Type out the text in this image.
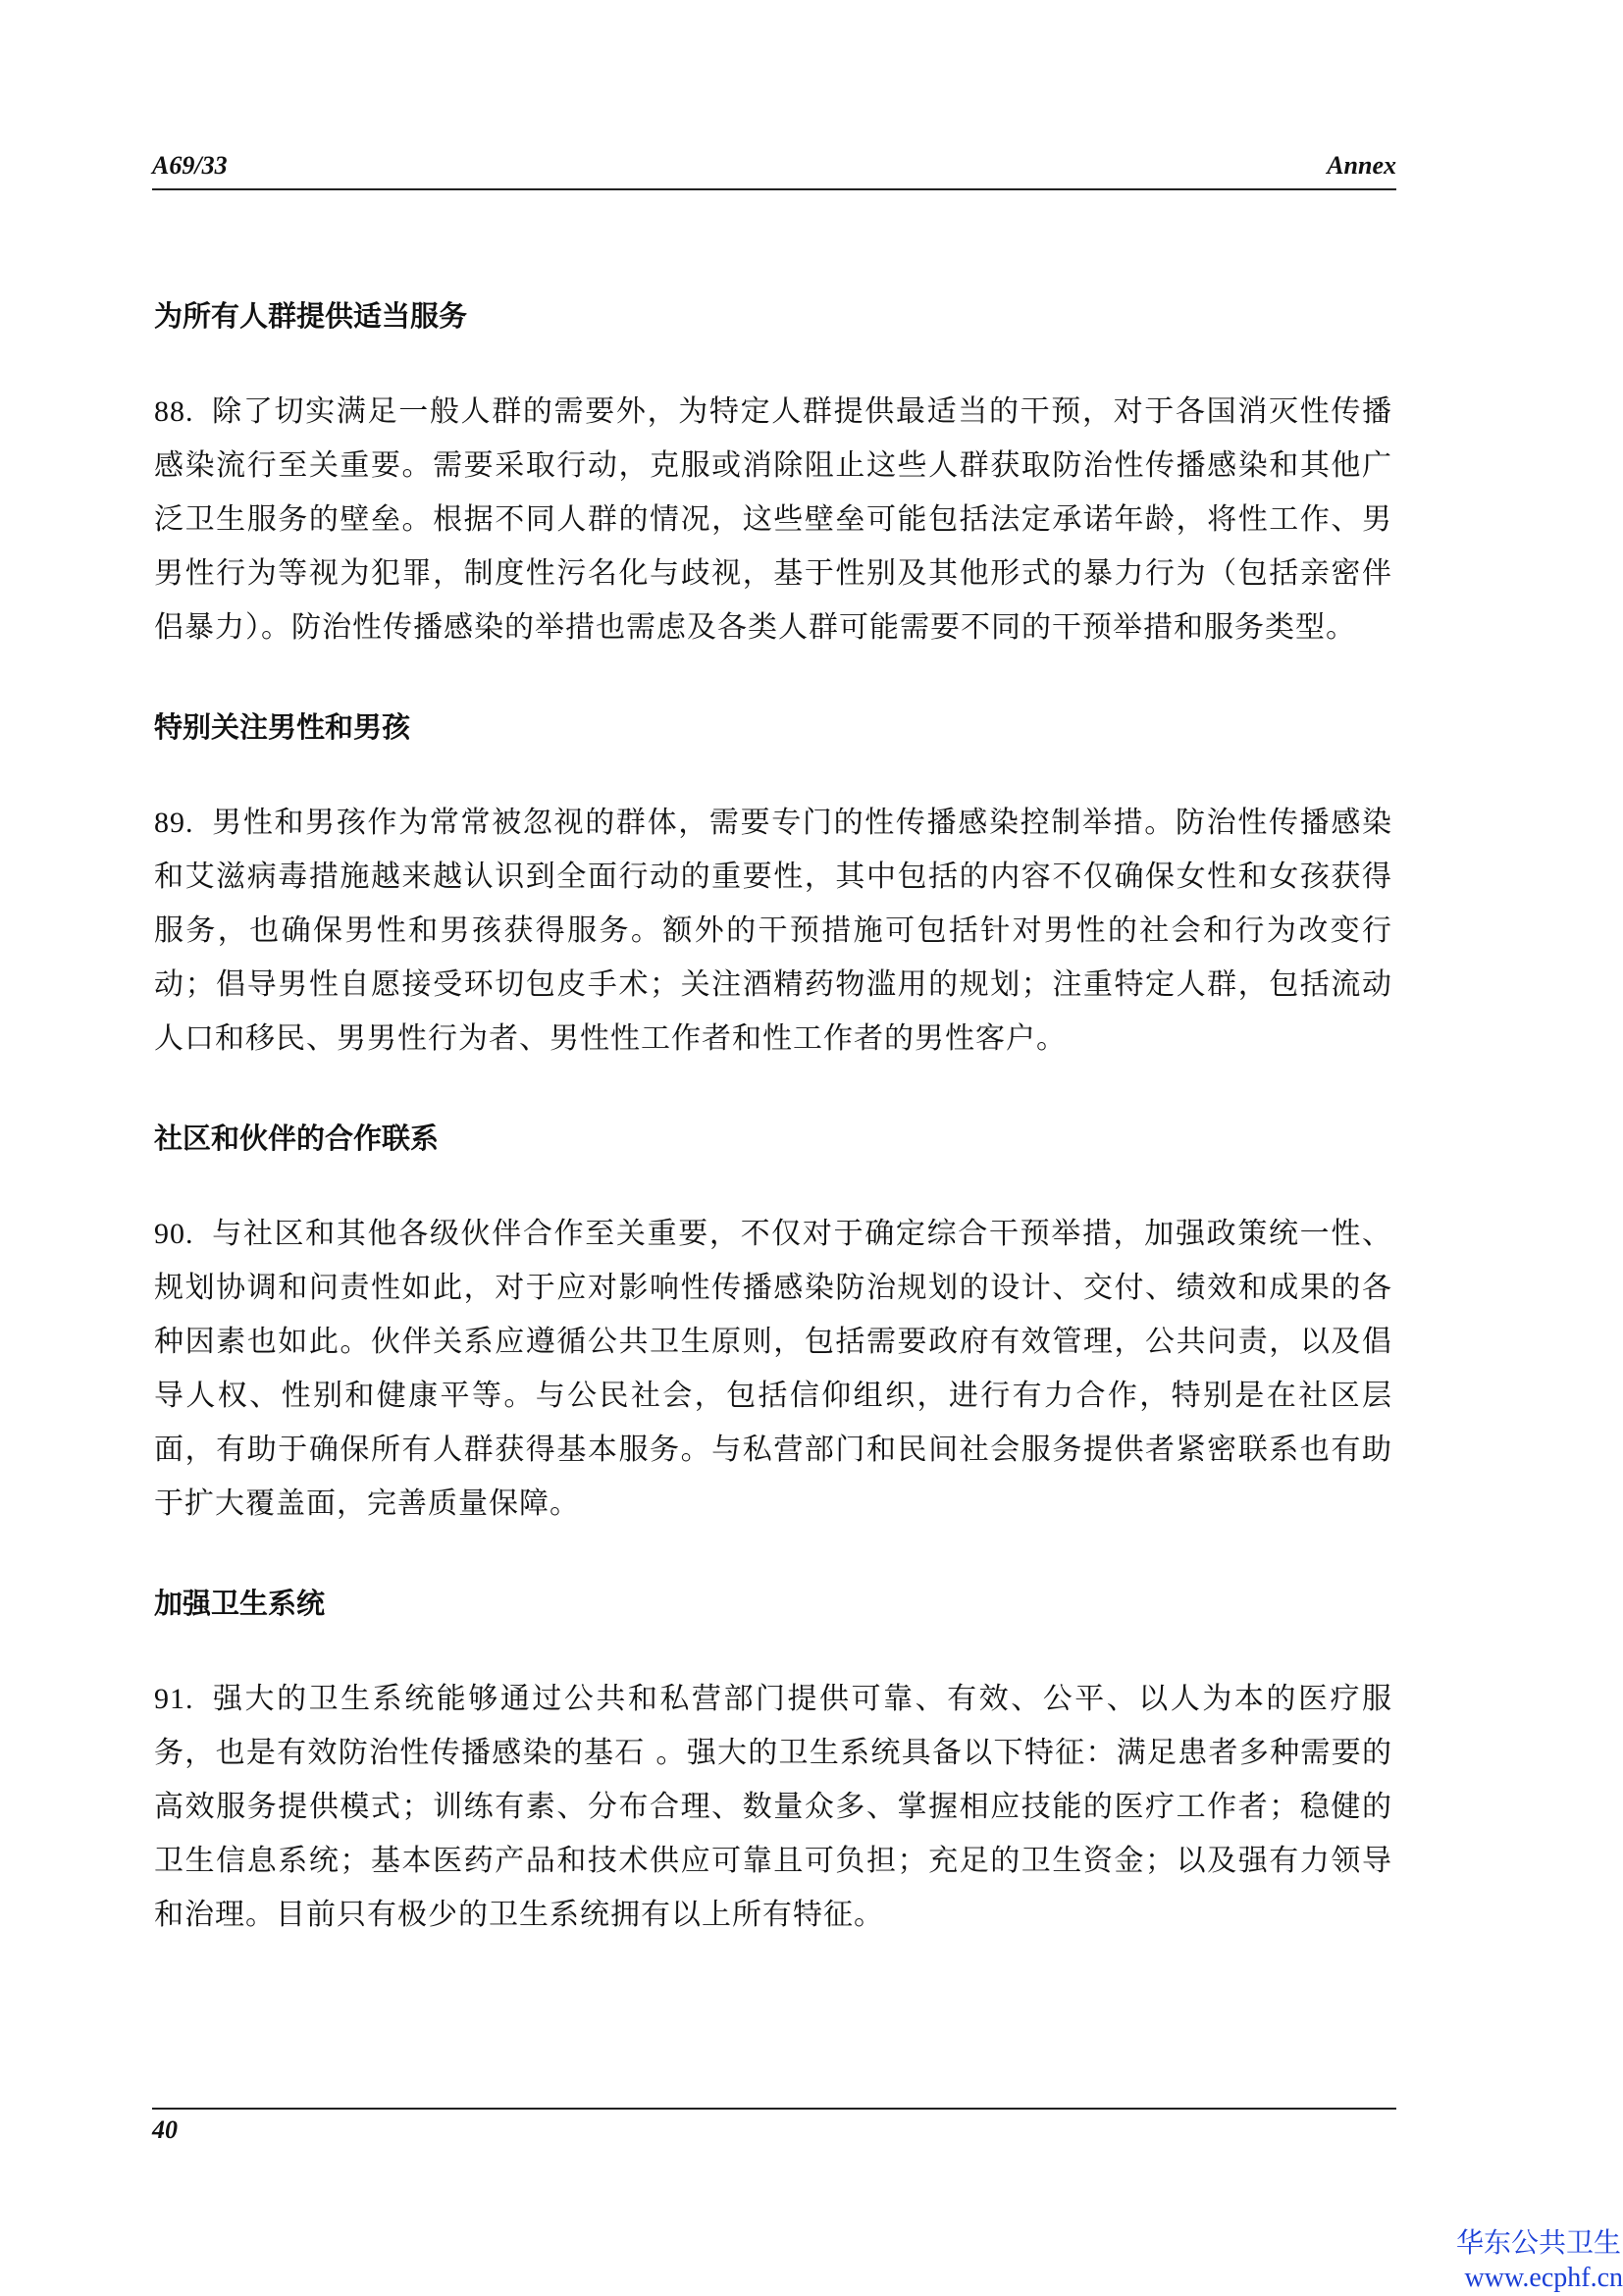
A69/33	Annex
为所有人群提供适当服务

88. 除了切实满足一般人群的需要外，为特定人群提供最适当的干预，对于各国消灭性传播感染流行至关重要。需要采取行动，克服或消除阻止这些人群获取防治性传播感染和其他广泛卫生服务的壁垒。根据不同人群的情况，这些壁垒可能包括法定承诺年龄，将性工作、男男性行为等视为犯罪，制度性污名化与歧视，基于性别及其他形式的暴力行为（包括亲密伴侣暴力）。防治性传播感染的举措也需虑及各类人群可能需要不同的干预举措和服务类型。

特别关注男性和男孩

89. 男性和男孩作为常常被忽视的群体，需要专门的性传播感染控制举措。防治性传播感染和艾滋病毒措施越来越认识到全面行动的重要性，其中包括的内容不仅确保女性和女孩获得服务，也确保男性和男孩获得服务。额外的干预措施可包括针对男性的社会和行为改变行动；倡导男性自愿接受环切包皮手术；关注酒精药物滥用的规划；注重特定人群，包括流动人口和移民、男男性行为者、男性性工作者和性工作者的男性客户。

社区和伙伴的合作联系

90. 与社区和其他各级伙伴合作至关重要，不仅对于确定综合干预举措，加强政策统一性、规划协调和问责性如此，对于应对影响性传播感染防治规划的设计、交付、绩效和成果的各种因素也如此。伙伴关系应遵循公共卫生原则，包括需要政府有效管理，公共问责，以及倡导人权、性别和健康平等。与公民社会，包括信仰组织，进行有力合作，特别是在社区层面，有助于确保所有人群获得基本服务。与私营部门和民间社会服务提供者紧密联系也有助于扩大覆盖面，完善质量保障。

加强卫生系统

91. 强大的卫生系统能够通过公共和私营部门提供可靠、有效、公平、以人为本的医疗服务，也是有效防治性传播感染的基石 。强大的卫生系统具备以下特征：满足患者多种需要的高效服务提供模式；训练有素、分布合理、数量众多、掌握相应技能的医疗工作者；稳健的卫生信息系统；基本医药产品和技术供应可靠且可负担；充足的卫生资金；以及强有力领导和治理。目前只有极少的卫生系统拥有以上所有特征。

40
华东公共卫生
www.ecphf.cn
